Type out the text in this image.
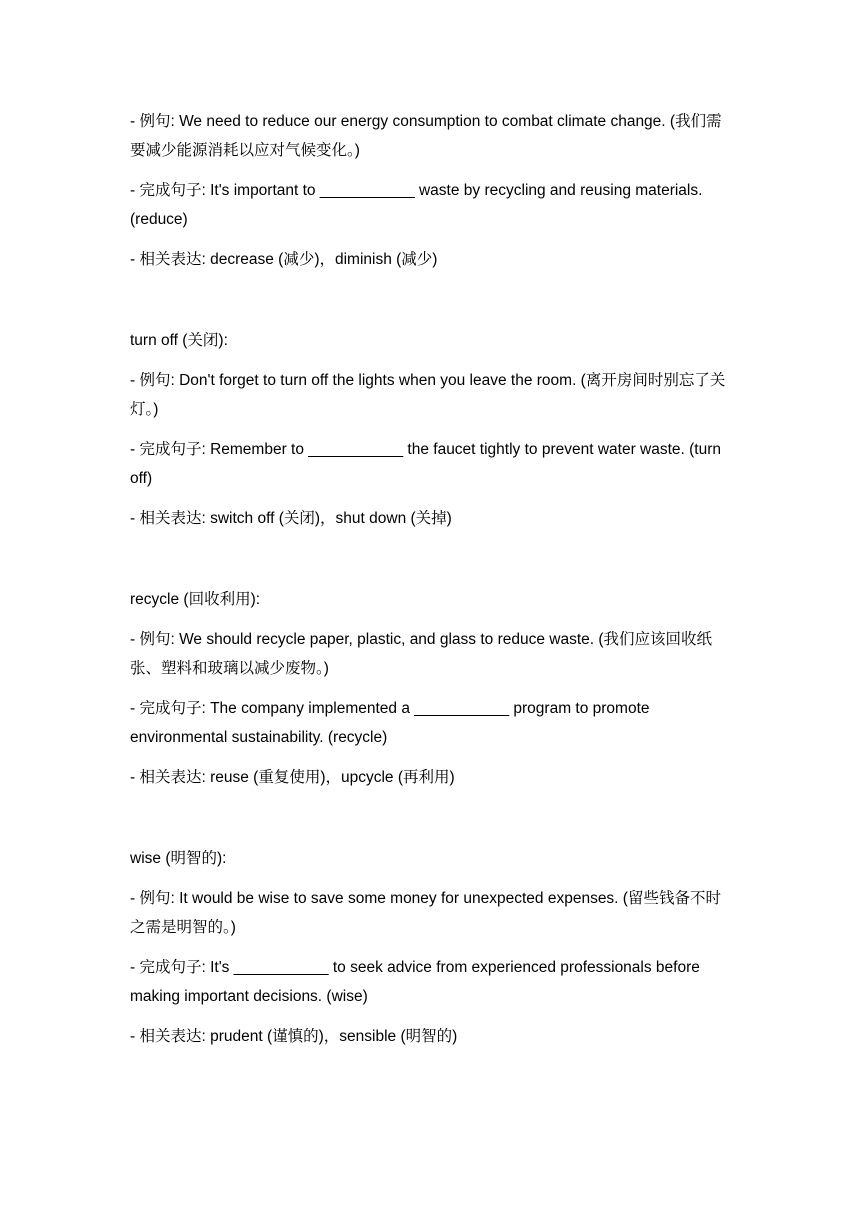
- 例句: We need to reduce our energy consumption to combat climate change. (我们需要减少能源消耗以应对气候变化。)

- 完成句子: It's important to ___________ waste by recycling and reusing materials. (reduce)

- 相关表达: decrease (减少)，diminish (减少)

turn off (关闭):

- 例句: Don't forget to turn off the lights when you leave the room. (离开房间时别忘了关灯。)

- 完成句子: Remember to ___________ the faucet tightly to prevent water waste. (turn off)

- 相关表达: switch off (关闭)，shut down (关掉)

recycle (回收利用):

- 例句: We should recycle paper, plastic, and glass to reduce waste. (我们应该回收纸张、塑料和玻璃以减少废物。)

- 完成句子: The company implemented a ___________ program to promote environmental sustainability. (recycle)

- 相关表达: reuse (重复使用)，upcycle (再利用)

wise (明智的):

- 例句: It would be wise to save some money for unexpected expenses. (留些钱备不时之需是明智的。)

- 完成句子: It's ___________ to seek advice from experienced professionals before making important decisions. (wise)

- 相关表达: prudent (谨慎的)，sensible (明智的)
